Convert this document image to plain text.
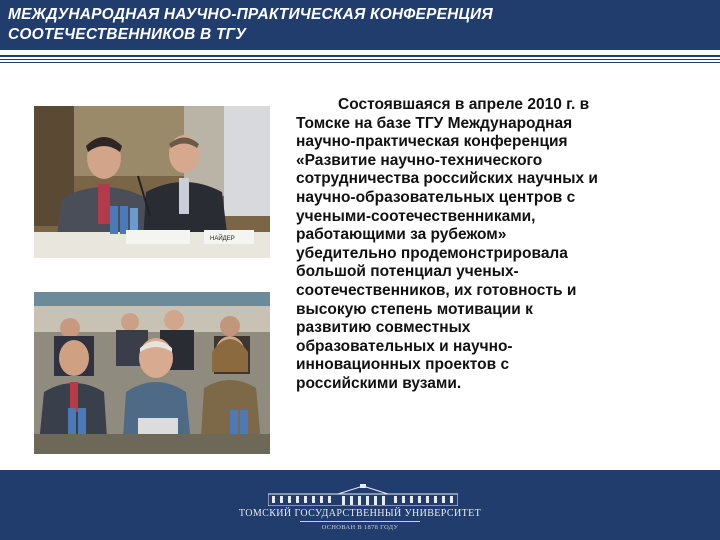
МЕЖДУНАРОДНАЯ НАУЧНО-ПРАКТИЧЕСКАЯ КОНФЕРЕНЦИЯ
СООТЕЧЕСТВЕННИКОВ В ТГУ
НАЙДЕР
Состоявшаяся в апреле 2010 г. в
Томске на базе ТГУ Международная
научно-практическая конференция
«Развитие научно-технического
сотрудничества российских научных и
научно-образовательных центров с
учеными-соотечественниками,
работающими за рубежом»
убедительно продемонстрировала
большой потенциал ученых-
соотечественников, их готовность и
высокую степень мотивации к
развитию совместных
образовательных и научно-
инновационных проектов с
российскими вузами.
ТОМСКИЙ ГОСУДАРСТВЕННЫЙ УНИВЕРСИТЕТ
ОСНОВАН В 1878 ГОДУ
